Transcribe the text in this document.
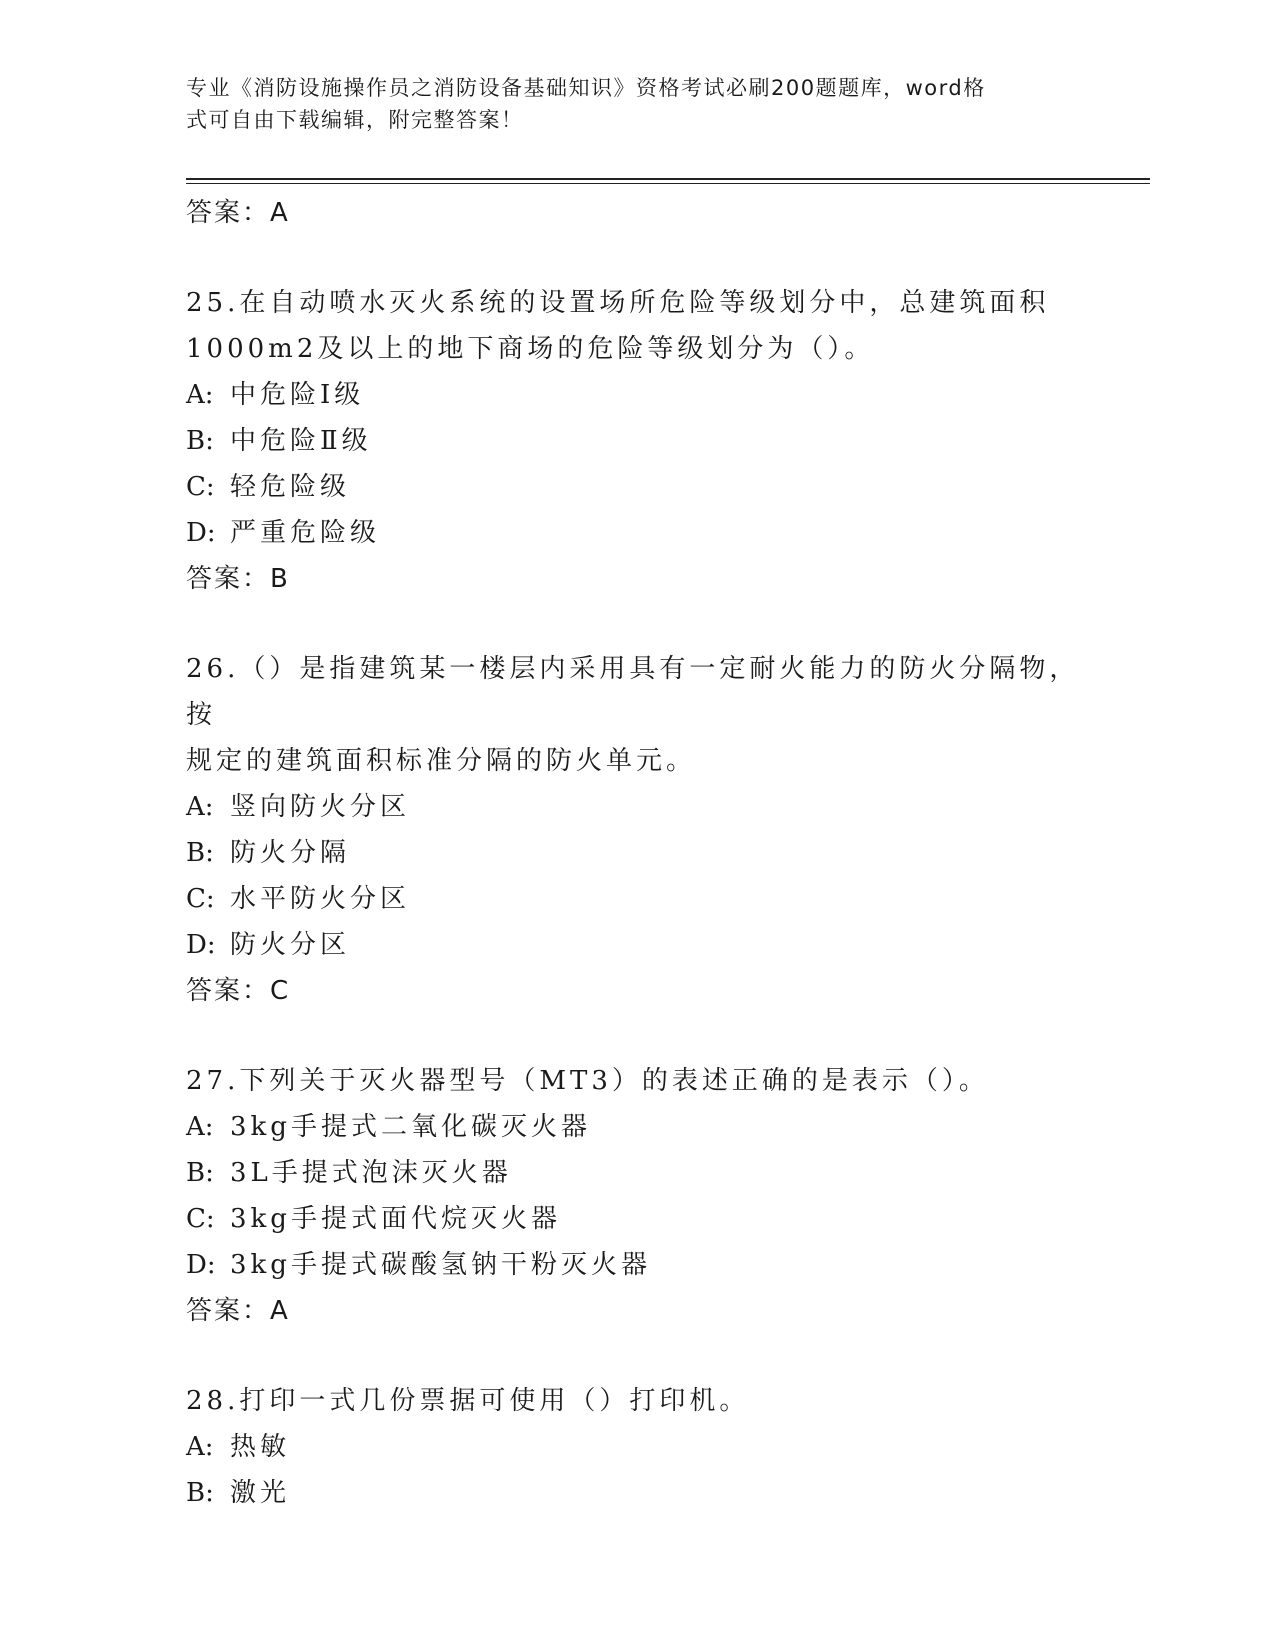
专业《消防设施操作员之消防设备基础知识》资格考试必刷200题题库，word格
式可自由下载编辑，附完整答案！
答案：A
25.在自动喷水灭火系统的设置场所危险等级划分中，总建筑面积
1000m2及以上的地下商场的危险等级划分为（）。
A: 中危险Ⅰ级
B: 中危险Ⅱ级
C: 轻危险级
D: 严重危险级
答案：B
26.（）是指建筑某一楼层内采用具有一定耐火能力的防火分隔物，按
规定的建筑面积标准分隔的防火单元。
A: 竖向防火分区
B: 防火分隔
C: 水平防火分区
D: 防火分区
答案：C
27.下列关于灭火器型号（MT3）的表述正确的是表示（）。
A: 3kg手提式二氧化碳灭火器
B: 3L手提式泡沫灭火器
C: 3kg手提式面代烷灭火器
D: 3kg手提式碳酸氢钠干粉灭火器
答案：A
28.打印一式几份票据可使用（）打印机。
A: 热敏
B: 激光
